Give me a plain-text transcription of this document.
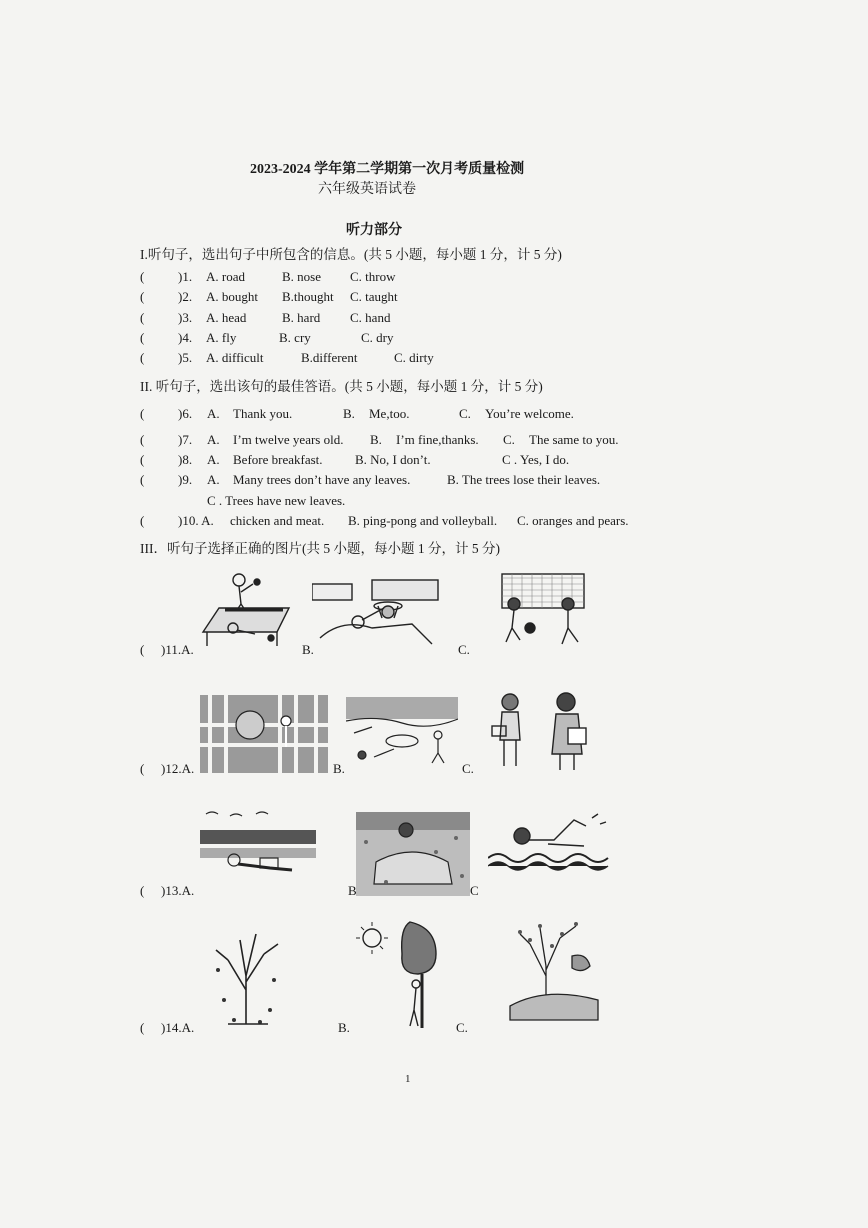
2023-2024 学年第二学期第一次月考质量检测
六年级英语试卷
听力部分
I.听句子，选出句子中所包含的信息。(共 5 小题，每小题 1 分，计 5 分)
(	)1. A. road	B. nose C. throw
(	)2. A. bought B.thought C. taught
(	)3. A. head	B. hard C. hand
(	)4. A. fly	B. cry	C. dry
(	)5. A. difficult	B.different	C. dirty
II. 听句子，选出该句的最佳答语。(共 5 小题，每小题 1 分，计 5 分)
(	)6. A. Thank you.	B. Me,too.	C. You’re welcome.
(	)7. A. I’m twelve years old. B. I’m fine,thanks. C. The same to you.
(	)8. A. Before breakfast. B. No, I don’t.	C . Yes, I do.
(	)9. A. Many trees don’t have any leaves.	B. The trees lose their leaves.
C . Trees have new leaves.
(	)10. A. chicken and meat. B. ping-pong and volleyball. C. oranges and pears.
III．听句子选择正确的图片(共 5 小题，每小题 1 分，计 5 分)
( )11.A.	B.	C.
( )12.A.	B.	C.
( )13.A.	B	C
( )14.A.	B.	C.
1
